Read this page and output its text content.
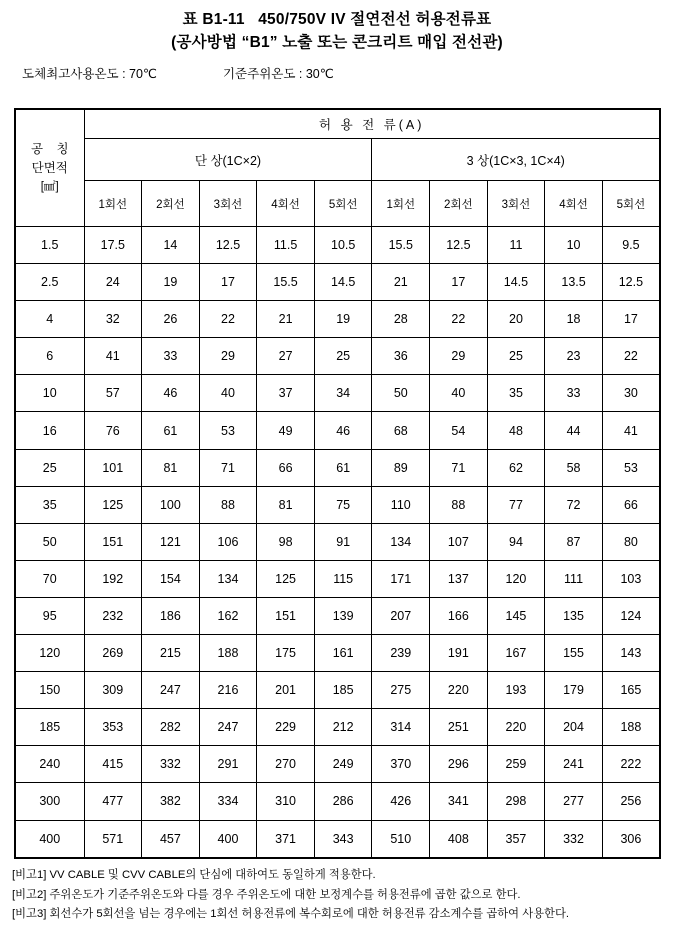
표 B1-11   450/750V IV 절연전선 허용전류표
(공사방법 “B1” 노출 또는 콘크리트 매입 전선관)
도체최고사용온도 : 70℃	기준주위온도 : 30℃
공 칭
단면적
[㎟]	허 용 전 류(A)									
	단 상(1C×2)					3 상(1C×3, 1C×4)				
	1회선	2회선	3회선	4회선	5회선	1회선	2회선	3회선	4회선	5회선
1.5	17.5	14	12.5	11.5	10.5	15.5	12.5	11	10	9.5
2.5	24	19	17	15.5	14.5	21	17	14.5	13.5	12.5
4	32	26	22	21	19	28	22	20	18	17
6	41	33	29	27	25	36	29	25	23	22
10	57	46	40	37	34	50	40	35	33	30
16	76	61	53	49	46	68	54	48	44	41
25	101	81	71	66	61	89	71	62	58	53
35	125	100	88	81	75	110	88	77	72	66
50	151	121	106	98	91	134	107	94	87	80
70	192	154	134	125	115	171	137	120	111	103
95	232	186	162	151	139	207	166	145	135	124
120	269	215	188	175	161	239	191	167	155	143
150	309	247	216	201	185	275	220	193	179	165
185	353	282	247	229	212	314	251	220	204	188
240	415	332	291	270	249	370	296	259	241	222
300	477	382	334	310	286	426	341	298	277	256
400	571	457	400	371	343	510	408	357	332	306
[비고1] VV CABLE 및 CVV CABLE의 단심에 대하여도 동일하게 적용한다.
[비고2] 주위온도가 기준주위온도와 다를 경우 주위온도에 대한 보정계수를 허용전류에 곱한 값으로 한다.
[비고3] 회선수가 5회선을 넘는 경우에는 1회선 허용전류에 복수회로에 대한 허용전류 감소계수를 곱하여 사용한다.
